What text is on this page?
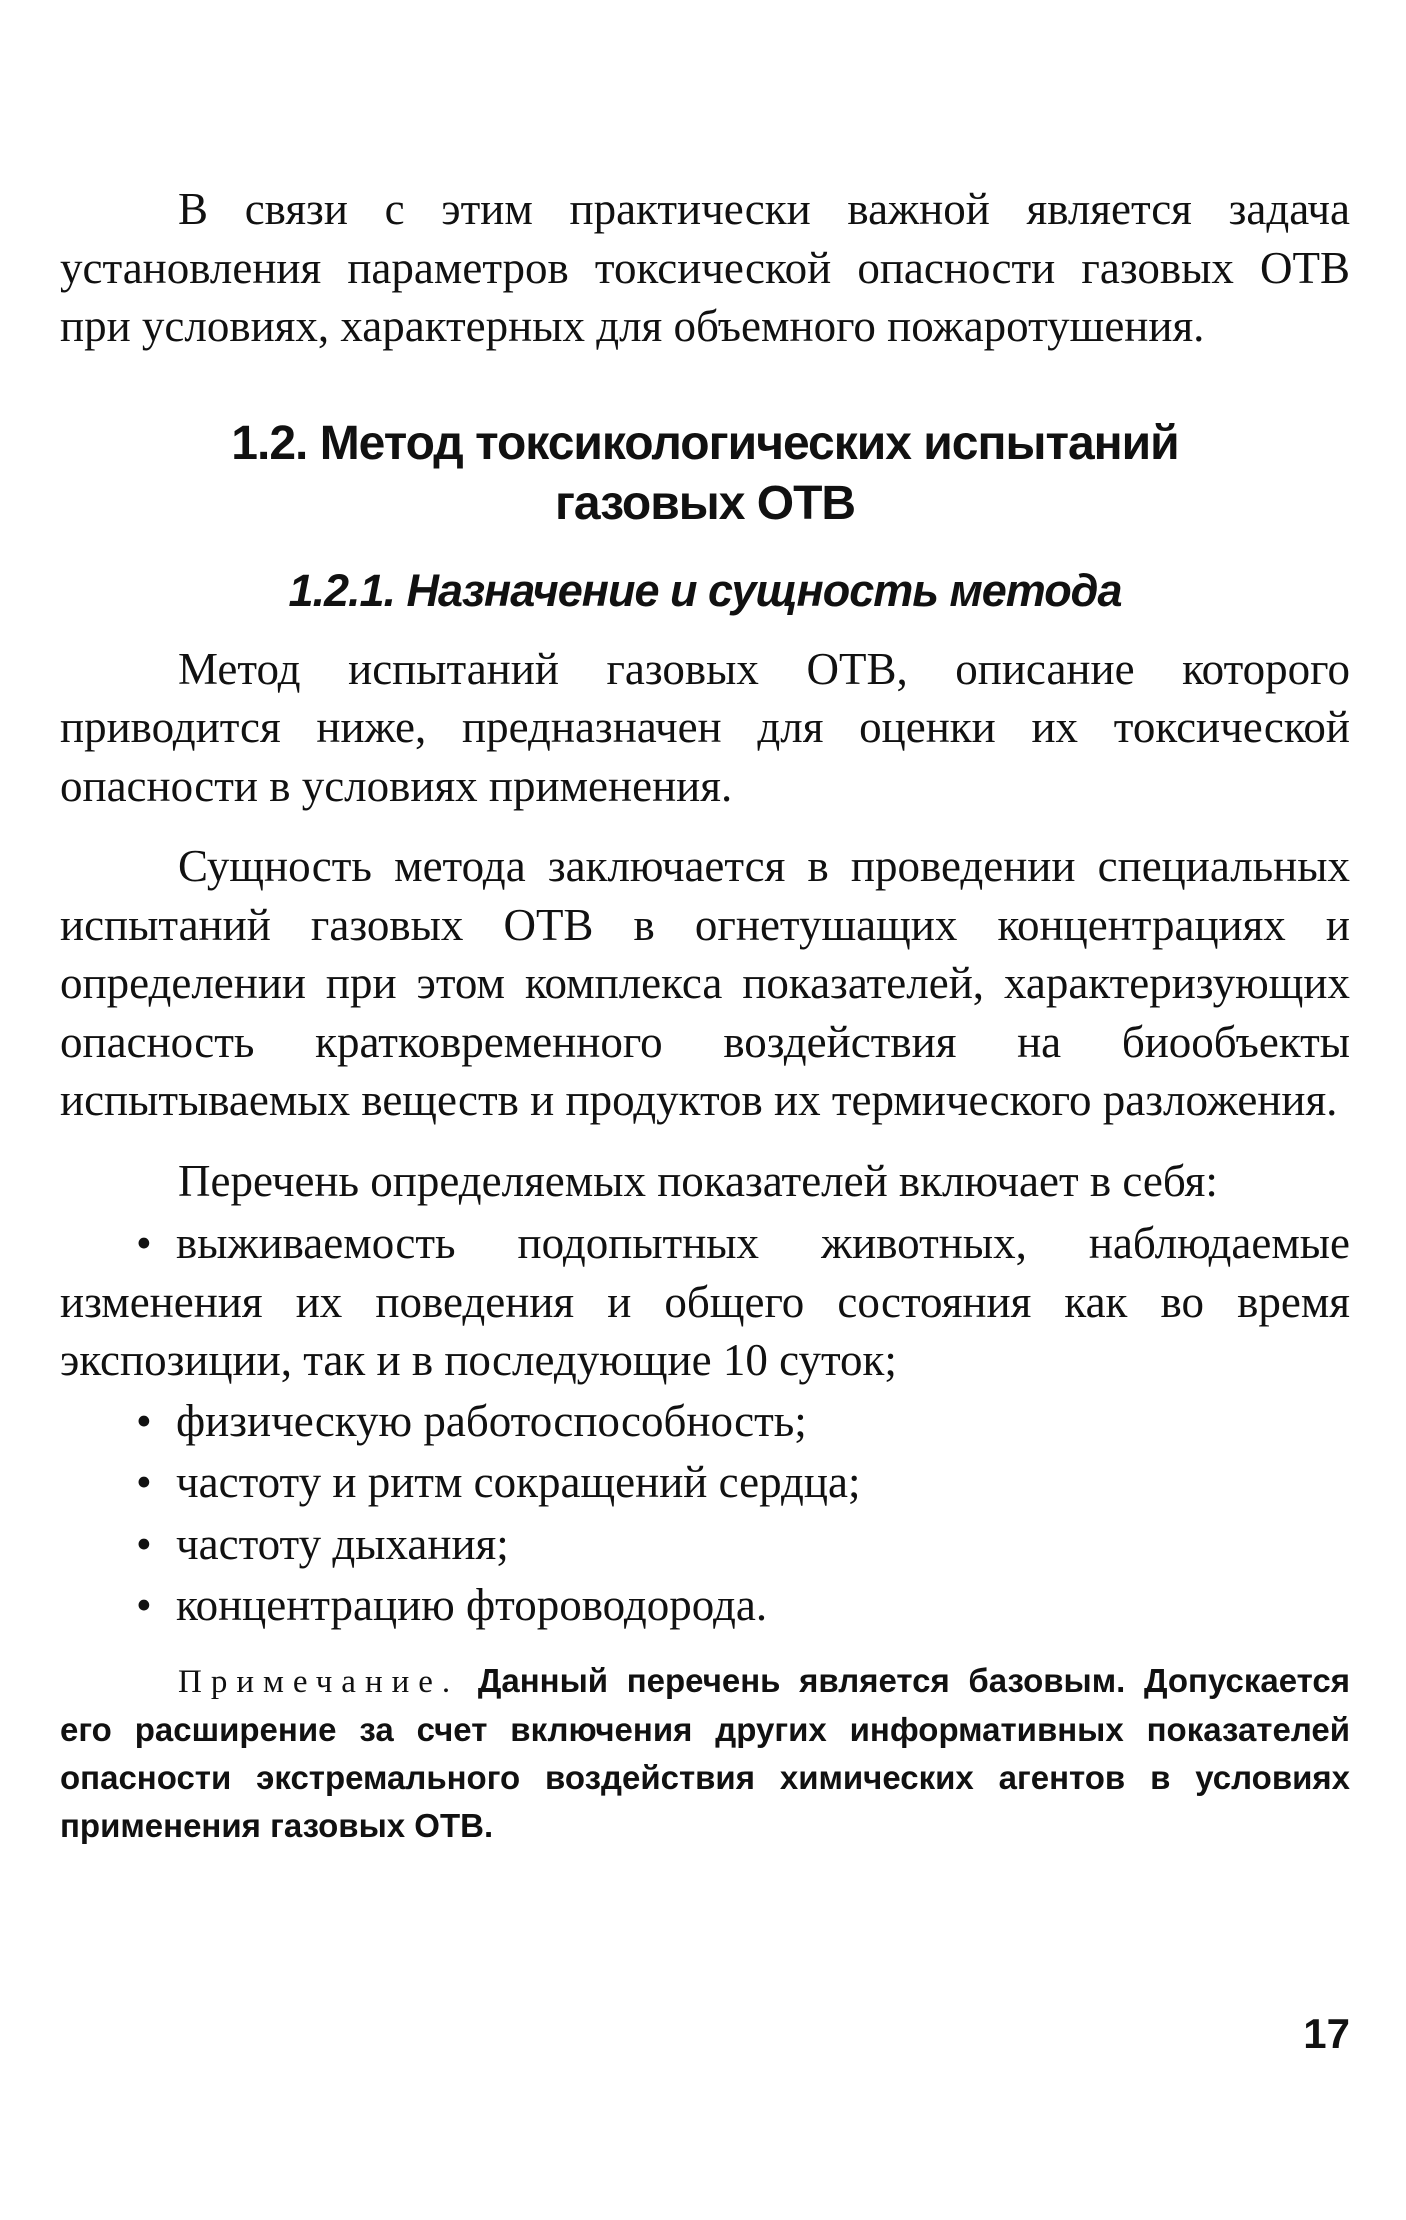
В связи с этим практически важной является задача установления параметров токсической опасности газовых ОТВ при условиях, характерных для объемного пожаротушения.

1.2. Метод токсикологических испытаний
газовых ОТВ
1.2.1. Назначение и сущность метода

Метод испытаний газовых ОТВ, описание которого приводится ниже, предназначен для оценки их токсической опасности в условиях применения.

Сущность метода заключается в проведении специальных испытаний газовых ОТВ в огнетушащих концентрациях и определении при этом комплекса показателей, характеризующих опасность кратковременного воздействия на биообъекты испытываемых веществ и продуктов их термического разложения.

Перечень определяемых показателей включает в себя:

• выживаемость подопытных животных, наблюдаемые изменения их поведения и общего состояния как во время экспозиции, так и в последующие 10 суток;
• физическую работоспособность;
• частоту и ритм сокращений сердца;
• частоту дыхания;
• концентрацию фтороводорода.

Примечание. Данный перечень является базовым. Допускается его расширение за счет включения других информативных показателей опасности экстремального воздействия химических агентов в условиях применения газовых ОТВ.

17
